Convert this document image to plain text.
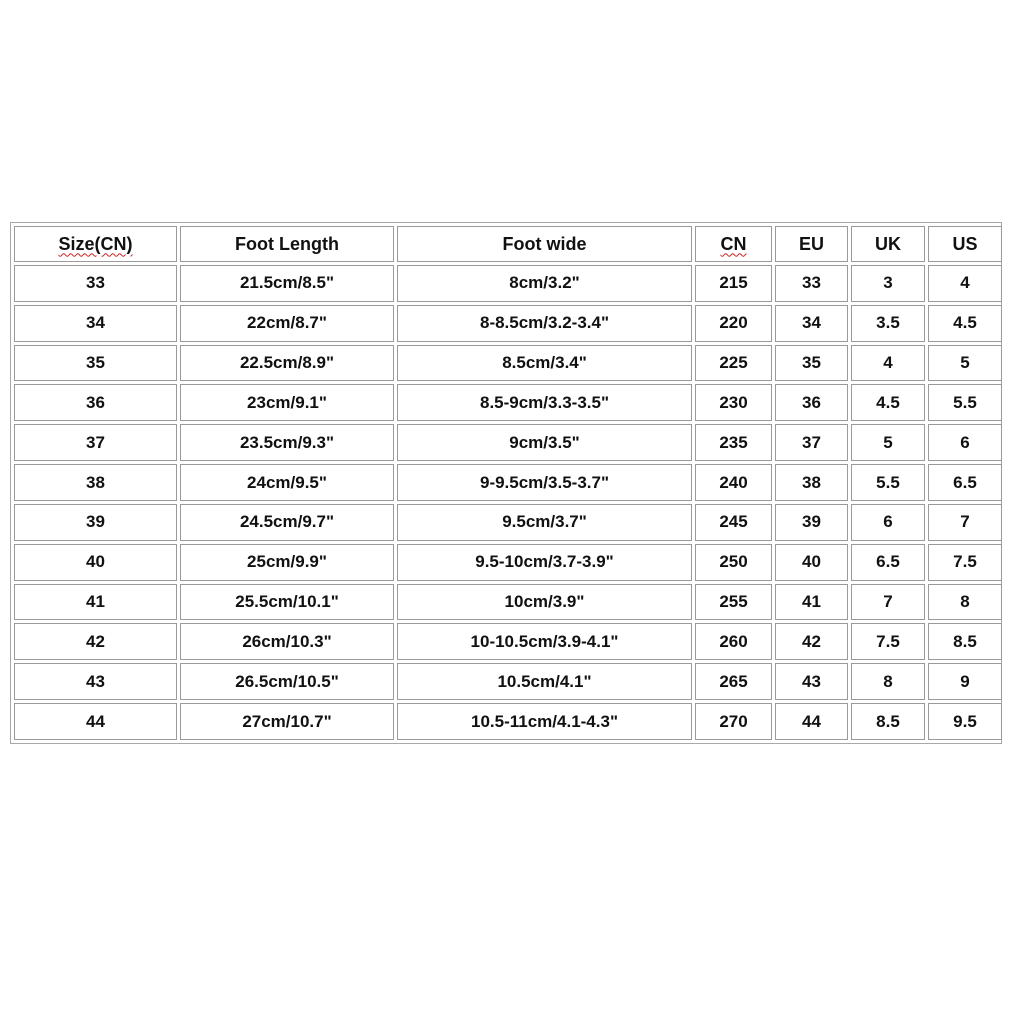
Size(CN)	Foot Length	Foot wide	CN	EU	UK	US
33	21.5cm/8.5"	8cm/3.2"	215	33	3	4
34	22cm/8.7"	8-8.5cm/3.2-3.4"	220	34	3.5	4.5
35	22.5cm/8.9"	8.5cm/3.4"	225	35	4	5
36	23cm/9.1"	8.5-9cm/3.3-3.5"	230	36	4.5	5.5
37	23.5cm/9.3"	9cm/3.5"	235	37	5	6
38	24cm/9.5"	9-9.5cm/3.5-3.7"	240	38	5.5	6.5
39	24.5cm/9.7"	9.5cm/3.7"	245	39	6	7
40	25cm/9.9"	9.5-10cm/3.7-3.9"	250	40	6.5	7.5
41	25.5cm/10.1"	10cm/3.9"	255	41	7	8
42	26cm/10.3"	10-10.5cm/3.9-4.1"	260	42	7.5	8.5
43	26.5cm/10.5"	10.5cm/4.1"	265	43	8	9
44	27cm/10.7"	10.5-11cm/4.1-4.3"	270	44	8.5	9.5
